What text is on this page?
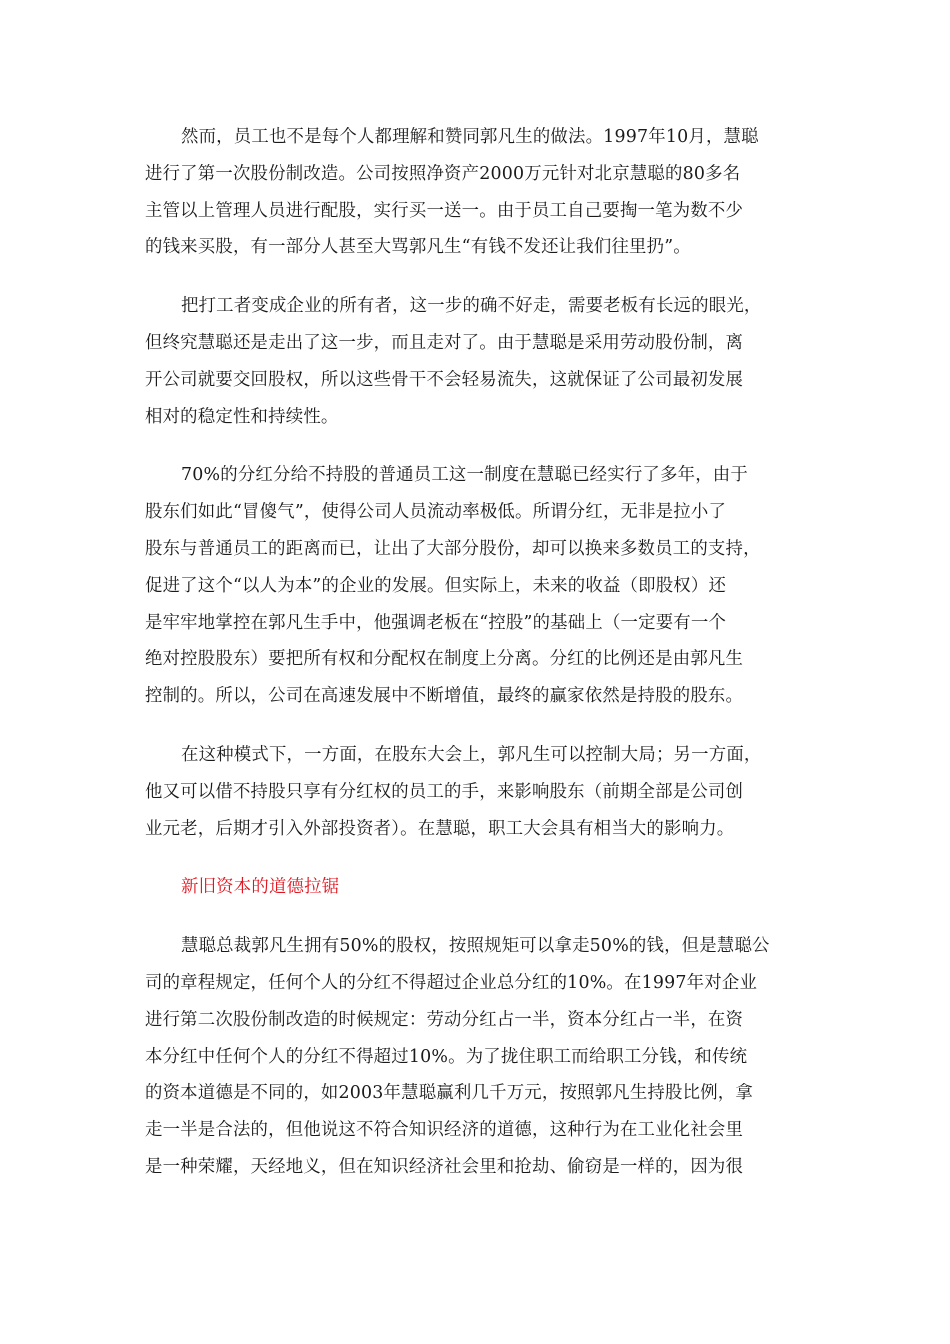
然而，员工也不是每个人都理解和赞同郭凡生的做法。1997年10月，慧聪
进行了第一次股份制改造。公司按照净资产2000万元针对北京慧聪的80多名
主管以上管理人员进行配股，实行买一送一。由于员工自己要掏一笔为数不少
的钱来买股，有一部分人甚至大骂郭凡生“有钱不发还让我们往里扔”。
把打工者变成企业的所有者，这一步的确不好走，需要老板有长远的眼光，
但终究慧聪还是走出了这一步，而且走对了。由于慧聪是采用劳动股份制，离
开公司就要交回股权，所以这些骨干不会轻易流失，这就保证了公司最初发展
相对的稳定性和持续性。
70%的分红分给不持股的普通员工这一制度在慧聪已经实行了多年，由于
股东们如此“冒傻气”，使得公司人员流动率极低。所谓分红，无非是拉小了
股东与普通员工的距离而已，让出了大部分股份，却可以换来多数员工的支持，
促进了这个“以人为本”的企业的发展。但实际上，未来的收益（即股权）还
是牢牢地掌控在郭凡生手中，他强调老板在“控股”的基础上（一定要有一个
绝对控股股东）要把所有权和分配权在制度上分离。分红的比例还是由郭凡生
控制的。所以，公司在高速发展中不断增值，最终的赢家依然是持股的股东。
在这种模式下，一方面，在股东大会上，郭凡生可以控制大局；另一方面，
他又可以借不持股只享有分红权的员工的手，来影响股东（前期全部是公司创
业元老，后期才引入外部投资者）。在慧聪，职工大会具有相当大的影响力。
新旧资本的道德拉锯
慧聪总裁郭凡生拥有50%的股权，按照规矩可以拿走50%的钱，但是慧聪公
司的章程规定，任何个人的分红不得超过企业总分红的10%。在1997年对企业
进行第二次股份制改造的时候规定：劳动分红占一半，资本分红占一半，在资
本分红中任何个人的分红不得超过10%。为了拢住职工而给职工分钱，和传统
的资本道德是不同的，如2003年慧聪赢利几千万元，按照郭凡生持股比例，拿
走一半是合法的，但他说这不符合知识经济的道德，这种行为在工业化社会里
是一种荣耀，天经地义，但在知识经济社会里和抢劫、偷窃是一样的，因为很
